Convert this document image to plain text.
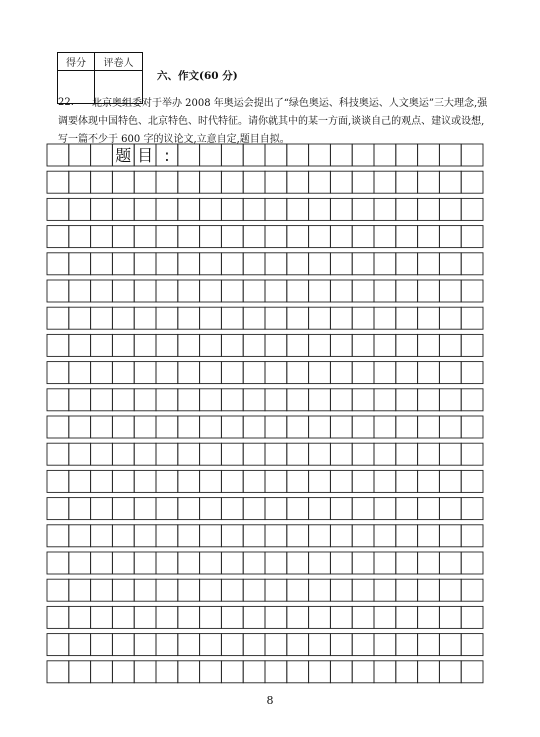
得分	评卷人

六、作文(60 分)
22.	北京奥组委对于举办 2008 年奥运会提出了“绿色奥运、科技奥运、人文奥运”三大理念,强调要体现中国特色、北京特色、时代特征。请你就其中的某一方面,谈谈自己的观点、建议或设想,写一篇不少于 600 字的议论文,立意自定,题目自拟。
题 目 :
8
